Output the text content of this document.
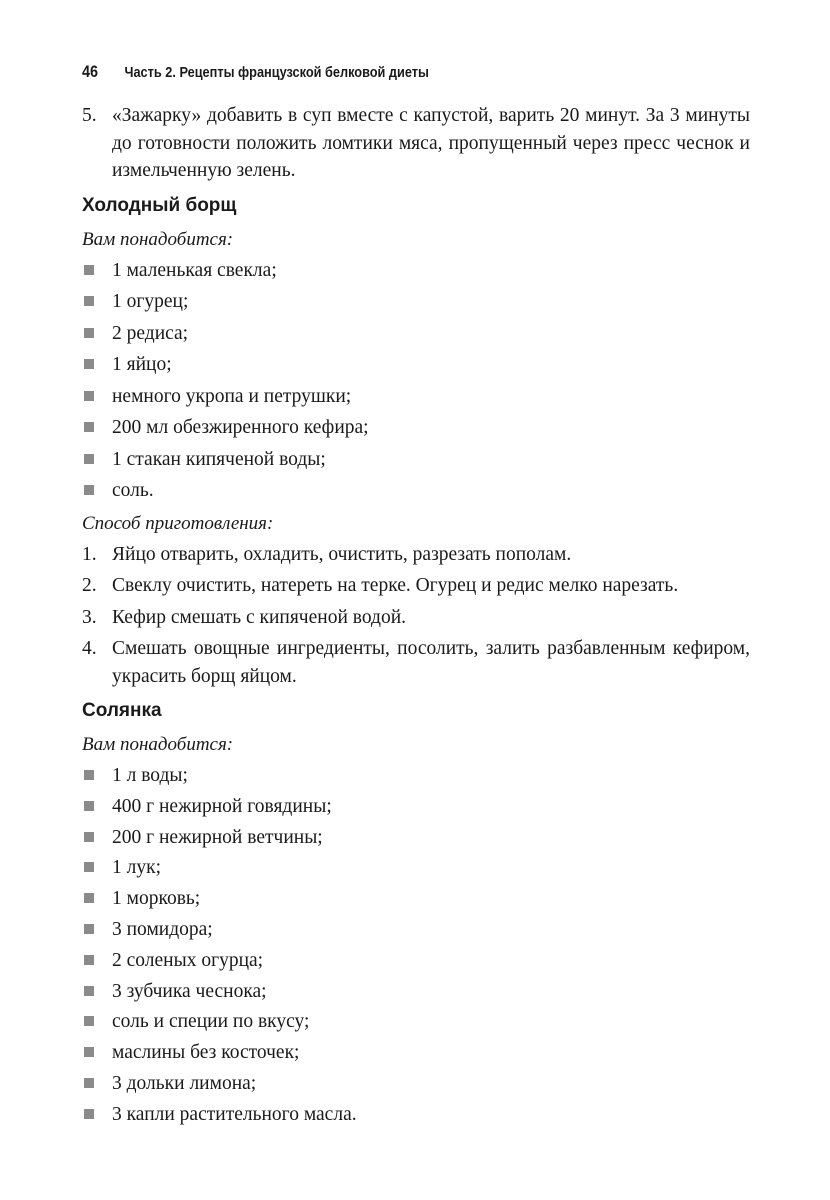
46 Часть 2. Рецепты французской белковой диеты
5. «Зажарку» добавить в суп вместе с капустой, варить 20 минут. За 3 минуты до готовности положить ломтики мяса, пропущенный через пресс чеснок и измельченную зелень.
Холодный борщ
Вам понадобится:
1 маленькая свекла;
1 огурец;
2 редиса;
1 яйцо;
немного укропа и петрушки;
200 мл обезжиренного кефира;
1 стакан кипяченой воды;
соль.
Способ приготовления:
1. Яйцо отварить, охладить, очистить, разрезать пополам.
2. Свеклу очистить, натереть на терке. Огурец и редис мелко нарезать.
3. Кефир смешать с кипяченой водой.
4. Смешать овощные ингредиенты, посолить, залить разбавленным кефиром, украсить борщ яйцом.
Солянка
Вам понадобится:
1 л воды;
400 г нежирной говядины;
200 г нежирной ветчины;
1 лук;
1 морковь;
3 помидора;
2 соленых огурца;
3 зубчика чеснока;
соль и специи по вкусу;
маслины без косточек;
3 дольки лимона;
3 капли растительного масла.
